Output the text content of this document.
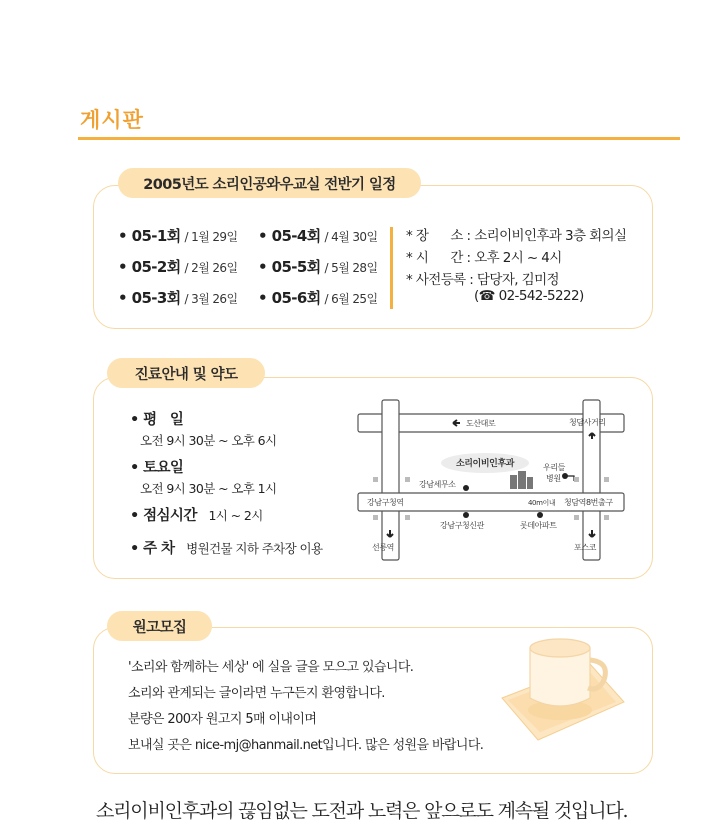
게시판
2005년도 소리인공와우교실 전반기 일정
• 05-1회 / 1월 29일
• 05-2회 / 2월 26일
• 05-3회 / 3월 26일
• 05-4회 / 4월 30일
• 05-5회 / 5월 28일
• 05-6회 / 6월 25일
* 장      소 : 소리이비인후과 3층 회의실
* 시      간 : 오후 2시 ~ 4시
* 사전등록 : 담당자, 김미정
(☎ 02-542-5222)
진료안내 및 약도
• 평   일
오전 9시 30분 ~ 오후 6시
• 토요일
오전 9시 30분 ~ 오후 1시
• 점심시간 1시 ~ 2시
• 주 차 병원건물 지하 주차장 이용
도산대로	청담사거리
소리이비인후과
강남세무소
우리들
병원
강남구청역	40m이내 청담역8번출구
강남구청신관	롯데아파트
선릉역	포스코
원고모집
'소리와 함께하는 세상' 에 실을 글을 모으고 있습니다.
소리와 관계되는 글이라면 누구든지 환영합니다.
분량은 200자 원고지 5매 이내이며
보내실 곳은 nice-mj@hanmail.net입니다. 많은 성원을 바랍니다.
소리이비인후과의 끊임없는 도전과 노력은 앞으로도 계속될 것입니다.
